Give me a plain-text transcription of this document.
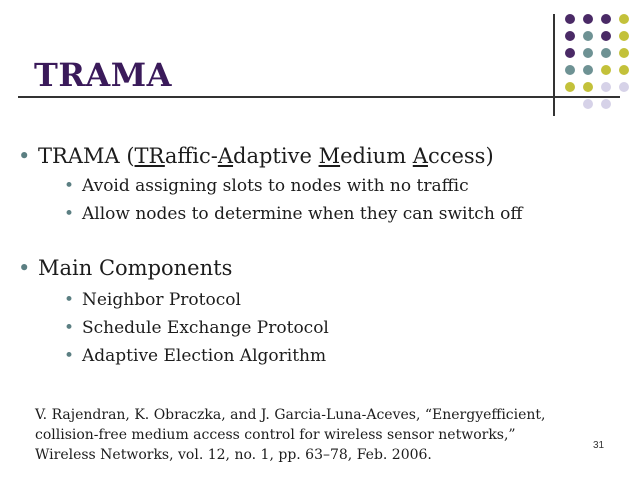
TRAMA
• TRAMA (TRaffic-Adaptive Medium Access)
• Avoid assigning slots to nodes with no traffic
• Allow nodes to determine when they can switch off
• Main Components
• Neighbor Protocol
• Schedule Exchange Protocol
• Adaptive Election Algorithm
V. Rajendran, K. Obraczka, and J. Garcia-Luna-Aceves, “Energyefficient,
collision-free medium access control for wireless sensor networks,”
Wireless Networks, vol. 12, no. 1, pp. 63–78, Feb. 2006.
31
